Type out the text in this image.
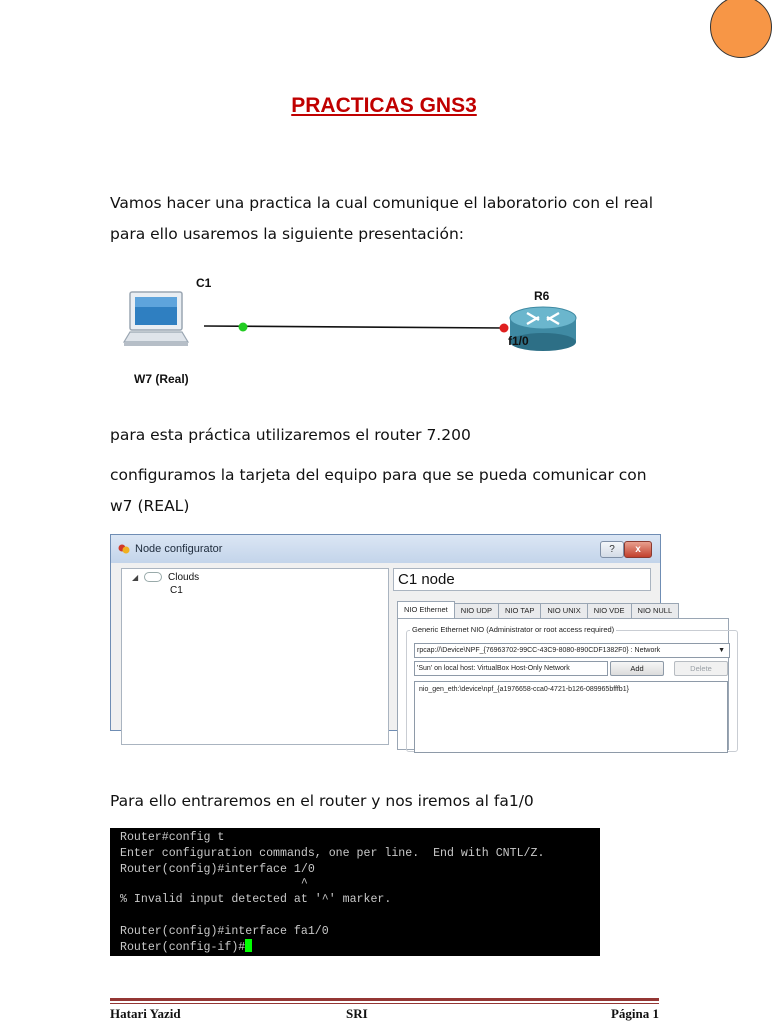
PRACTICAS GNS3
Vamos hacer una practica la cual comunique el laboratorio con el real para ello usaremos la siguiente presentación:
C1
W7 (Real)
R6
f1/0
para esta práctica utilizaremos el router 7.200
configuramos la tarjeta del equipo para que se pueda comunicar con w7 (REAL)
Node configurator	?	x
◢	Clouds
C1
C1 node
NIO Ethernet NIO UDP NIO TAP NIO UNIX NIO VDE NIO NULL
Generic Ethernet NIO (Administrator or root access required)
rpcap://\Device\NPF_{76963702-99CC-43C9-8080-890CDF1382F0} : Network	▼
'Sun' on local host: VirtualBox Host-Only Network	Add	Delete
nio_gen_eth:\device\npf_{a1976658-cca0-4721-b126-089965bfffb1}
Para ello entraremos en el router y nos iremos al fa1/0
Router#config t
Enter configuration commands, one per line.  End with CNTL/Z.
Router(config)#interface 1/0
^
% Invalid input detected at '^' marker.
Router(config)#interface fa1/0
Router(config-if)#
Hatari Yazid	SRI	Página 1
